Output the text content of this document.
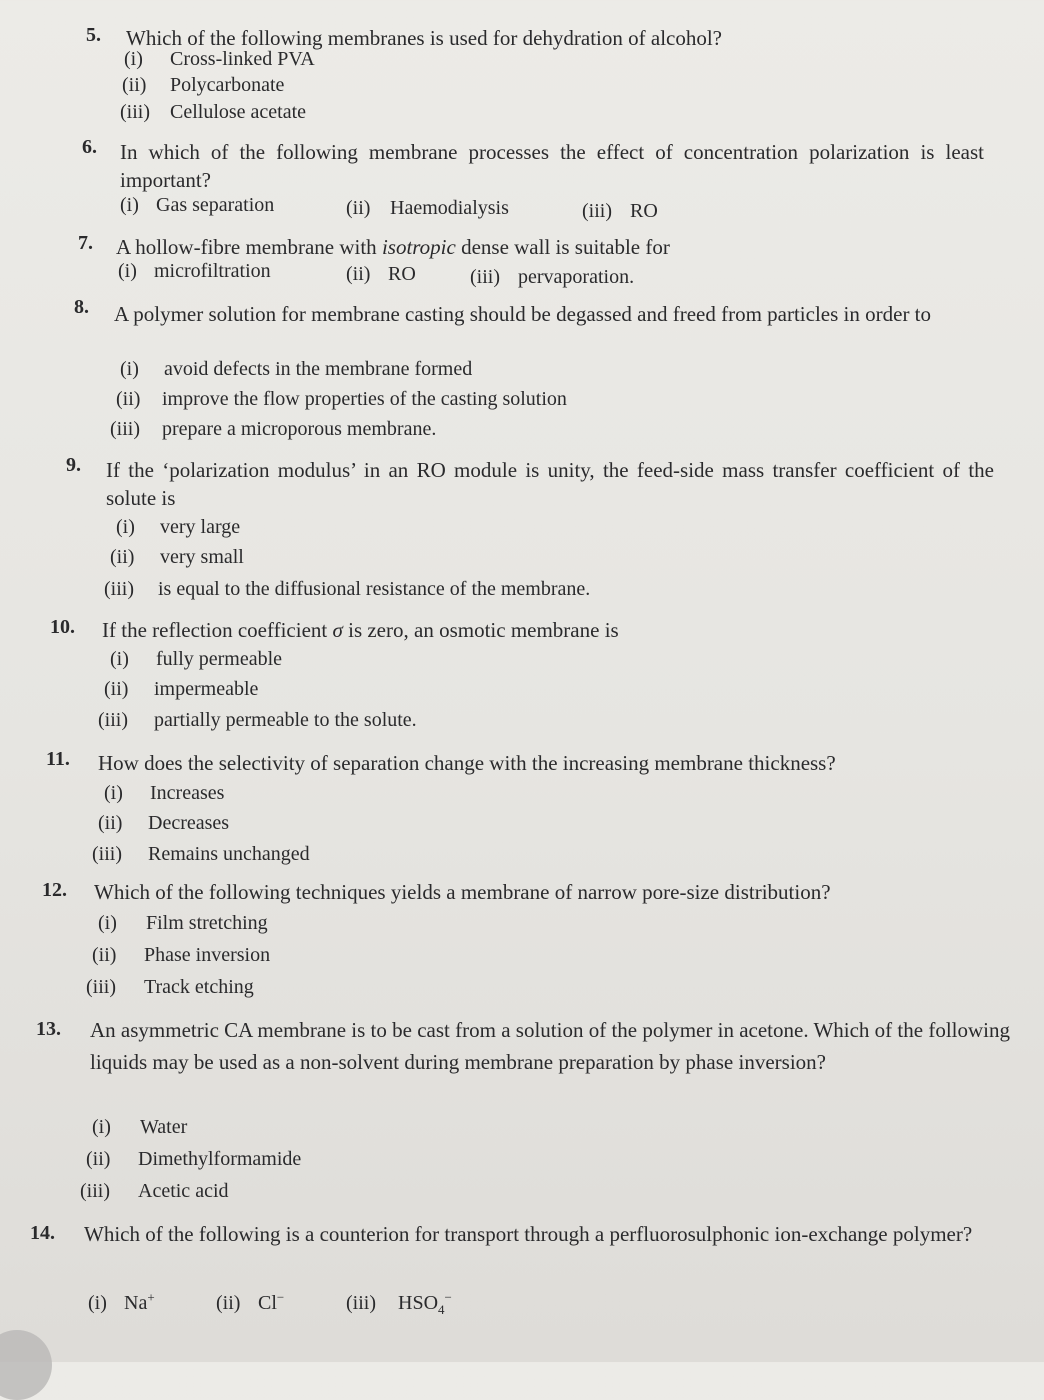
5. Which of the following membranes is used for dehydration of alcohol?
(i) Cross-linked PVA
(ii) Polycarbonate
(iii) Cellulose acetate
6. In which of the following membrane processes the effect of concentration polarization is least important?
(i) Gas separation	(ii) Haemodialysis	(iii) RO
7. A hollow-fibre membrane with isotropic dense wall is suitable for
(i) microfiltration	(ii) RO	(iii) pervaporation.
8. A polymer solution for membrane casting should be degassed and freed from particles in order to
(i) avoid defects in the membrane formed
(ii) improve the flow properties of the casting solution
(iii) prepare a microporous membrane.
9. If the ‘polarization modulus’ in an RO module is unity, the feed-side mass transfer coefficient of the solute is
(i) very large
(ii) very small
(iii) is equal to the diffusional resistance of the membrane.
10. If the reflection coefficient σ is zero, an osmotic membrane is
(i) fully permeable
(ii) impermeable
(iii) partially permeable to the solute.
11. How does the selectivity of separation change with the increasing membrane thickness?
(i) Increases
(ii) Decreases
(iii) Remains unchanged
12. Which of the following techniques yields a membrane of narrow pore-size distribution?
(i) Film stretching
(ii) Phase inversion
(iii) Track etching
13. An asymmetric CA membrane is to be cast from a solution of the polymer in acetone. Which of the following liquids may be used as a non-solvent during membrane preparation by phase inversion?
(i) Water
(ii) Dimethylformamide
(iii) Acetic acid
14. Which of the following is a counterion for transport through a perfluorosulphonic ion-exchange polymer?
(i) Na+	(ii) Cl−	(iii) $HSO_4^-$
